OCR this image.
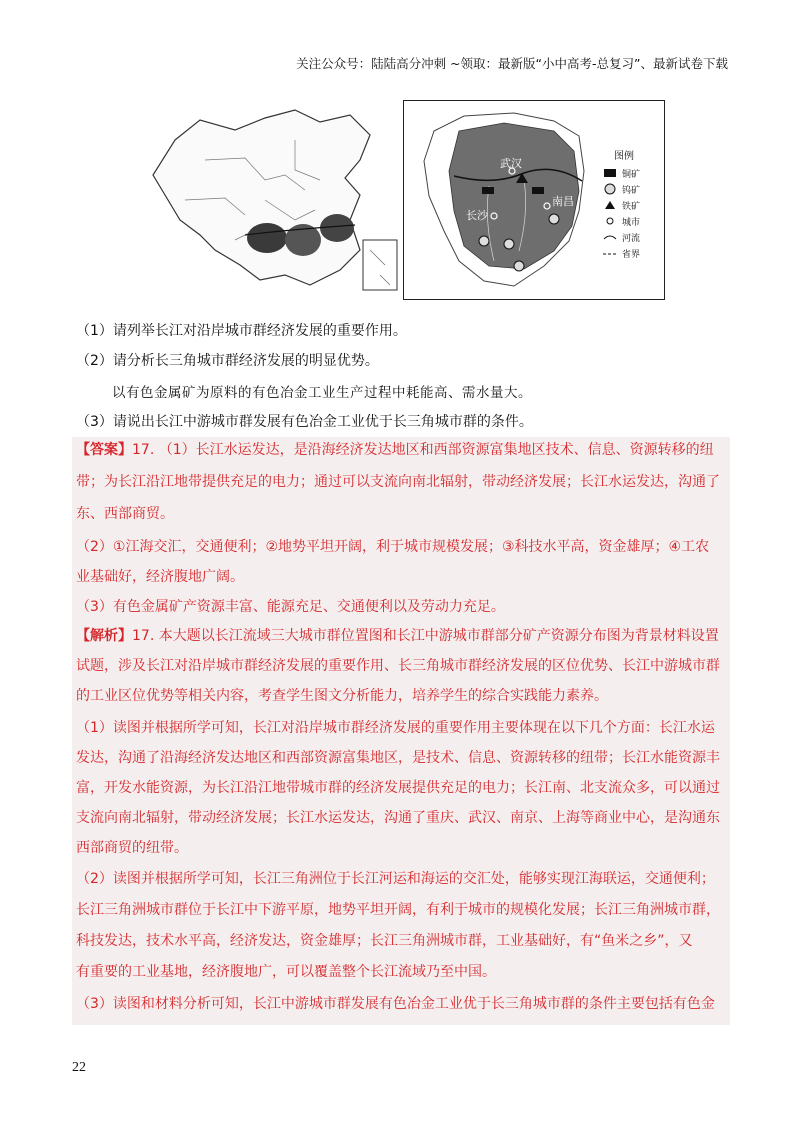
关注公众号：陆陆高分冲刺 ~领取：最新版“小中高考-总复习”、最新试卷下载
武汉
南昌
长沙
图例
铜矿
钨矿
铁矿
城市
河流
省界
（1）请列举长江对沿岸城市群经济发展的重要作用。
（2）请分析长三角城市群经济发展的明显优势。
以有色金属矿为原料的有色冶金工业生产过程中耗能高、需水量大。
（3）请说出长江中游城市群发展有色冶金工业优于长三角城市群的条件。
【答案】17. （1）长江水运发达，是沿海经济发达地区和西部资源富集地区技术、信息、资源转移的纽
带；为长江沿江地带提供充足的电力；通过可以支流向南北辐射，带动经济发展；长江水运发达，沟通了
东、西部商贸。
（2）①江海交汇，交通便利；②地势平坦开阔，利于城市规模发展；③科技水平高，资金雄厚；④工农
业基础好，经济腹地广阔。
（3）有色金属矿产资源丰富、能源充足、交通便利以及劳动力充足。
【解析】17. 本大题以长江流域三大城市群位置图和长江中游城市群部分矿产资源分布图为背景材料设置
试题，涉及长江对沿岸城市群经济发展的重要作用、长三角城市群经济发展的区位优势、长江中游城市群
的工业区位优势等相关内容，考查学生图文分析能力，培养学生的综合实践能力素养。
（1）读图并根据所学可知，长江对沿岸城市群经济发展的重要作用主要体现在以下几个方面：长江水运
发达，沟通了沿海经济发达地区和西部资源富集地区，是技术、信息、资源转移的纽带；长江水能资源丰
富，开发水能资源，为长江沿江地带城市群的经济发展提供充足的电力；长江南、北支流众多，可以通过
支流向南北辐射，带动经济发展；长江水运发达，沟通了重庆、武汉、南京、上海等商业中心，是沟通东
西部商贸的纽带。
（2）读图并根据所学可知，长江三角洲位于长江河运和海运的交汇处，能够实现江海联运，交通便利；
长江三角洲城市群位于长江中下游平原，地势平坦开阔，有利于城市的规模化发展；长江三角洲城市群，
科技发达，技术水平高，经济发达，资金雄厚；长江三角洲城市群，工业基础好，有“鱼米之乡”，又
有重要的工业基地，经济腹地广，可以覆盖整个长江流域乃至中国。
（3）读图和材料分析可知，长江中游城市群发展有色冶金工业优于长三角城市群的条件主要包括有色金
22
